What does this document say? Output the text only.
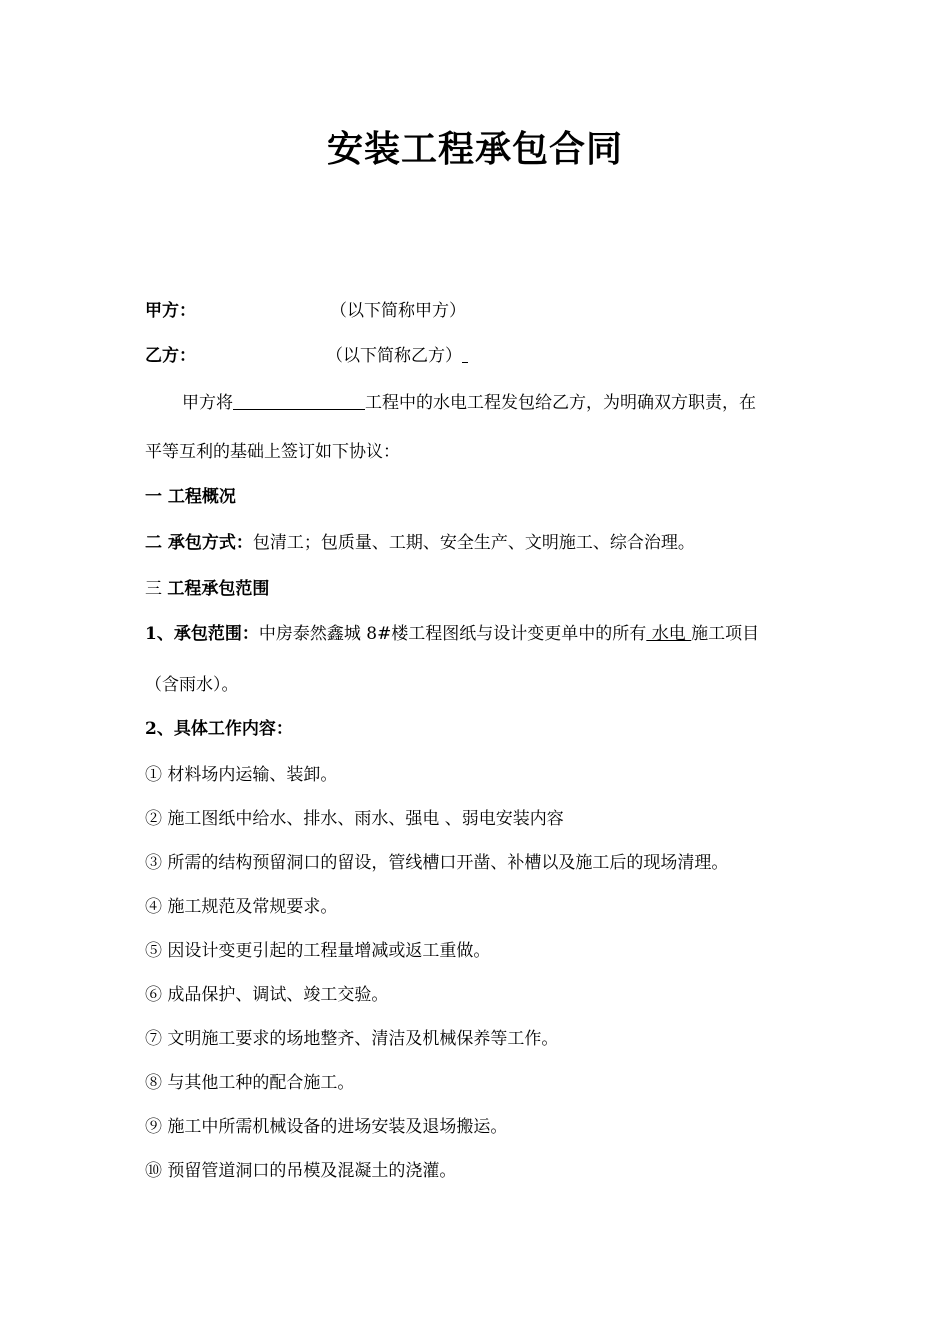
安装工程承包合同
甲方：	（以下简称甲方）
乙方：	（以下简称乙方）
甲方将	工程中的水电工程发包给乙方，为明确双方职责，在
平等互利的基础上签订如下协议：
一 工程概况
二 承包方式：包清工；包质量、工期、安全生产、文明施工、综合治理。
三 工程承包范围
1、承包范围：中房泰然鑫城 8#楼工程图纸与设计变更单中的所有 水电 施工项目
（含雨水）。
2、具体工作内容：
① 材料场内运输、装卸。
② 施工图纸中给水、排水、雨水、强电 、弱电安装内容
③ 所需的结构预留洞口的留设，管线槽口开凿、补槽以及施工后的现场清理。
④ 施工规范及常规要求。
⑤ 因设计变更引起的工程量增减或返工重做。
⑥ 成品保护、调试、竣工交验。
⑦ 文明施工要求的场地整齐、清洁及机械保养等工作。
⑧ 与其他工种的配合施工。
⑨ 施工中所需机械设备的进场安装及退场搬运。
⑩ 预留管道洞口的吊模及混凝土的浇灌。
